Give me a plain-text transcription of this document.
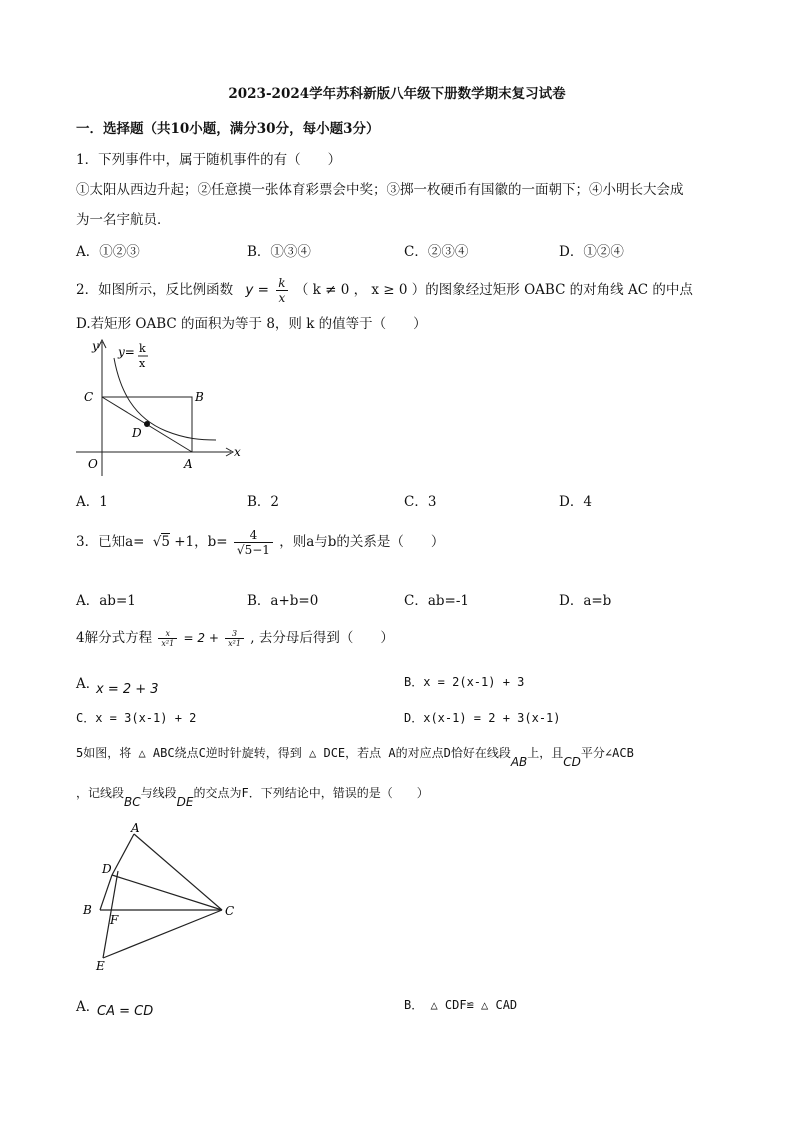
2023-2024学年苏科新版八年级下册数学期末复习试卷
一．选择题（共10小题，满分30分，每小题3分）
1．下列事件中，属于随机事件的有（　　）
①太阳从西边升起；②任意摸一张体育彩票会中奖；③掷一枚硬币有国徽的一面朝下；④小明长大会成
为一名宇航员．
A．①②③	B．①③④	C．②③④	D．①②④
2．如图所示，反比例函数 $y = \frac{k}{x}$ （ k ≠ 0 ， x ≥ 0 ）的图象经过矩形 OABC 的对角线 AC 的中点
D.若矩形 OABC 的面积为等于 8，则 k 的值等于（　　）
y y= k
x
C	B
D
O	A
x
A．1	B．2	C．3	D．4
3．已知a= √5 +1，$b= \frac{4}{√5-1}$ ，则a与b的关系是（　　）
A．ab=1	B．a+b=0	C．ab=-1	D．a=b
4解分式方程 $\frac{x}{\text{x²1}} = 2 + \frac{3}{\text{x²1}}$ , 去分母后得到（　　）
A．
x = 2 + 3	B．x = 2(x-1) + 3
C．x = 3(x-1) + 2	D．x(x-1) = 2 + 3(x-1)
5如图，将 △ ABC绕点C逆时针旋转，得到 △ DCE，若点 A的对应点D恰好在线段AB上，且CD平分∠ACB
，记线段BC与线段DE的交点为F．下列结论中，错误的是（　　）
A
D
B
F
C
E
A．
CA = CD	B． △ CDF≌ △ CAD
